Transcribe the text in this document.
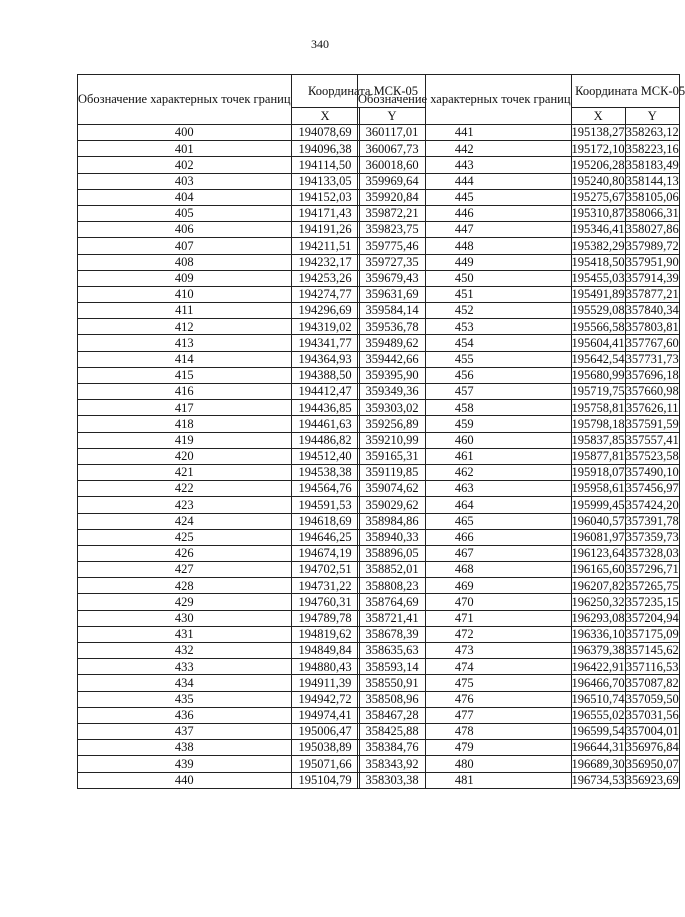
340
Обозначение характерных точек границ	Координата МСК-05	
	X	Y
400	194078,69	360117,01
401	194096,38	360067,73
402	194114,50	360018,60
403	194133,05	359969,64
404	194152,03	359920,84
405	194171,43	359872,21
406	194191,26	359823,75
407	194211,51	359775,46
408	194232,17	359727,35
409	194253,26	359679,43
410	194274,77	359631,69
411	194296,69	359584,14
412	194319,02	359536,78
413	194341,77	359489,62
414	194364,93	359442,66
415	194388,50	359395,90
416	194412,47	359349,36
417	194436,85	359303,02
418	194461,63	359256,89
419	194486,82	359210,99
420	194512,40	359165,31
421	194538,38	359119,85
422	194564,76	359074,62
423	194591,53	359029,62
424	194618,69	358984,86
425	194646,25	358940,33
426	194674,19	358896,05
427	194702,51	358852,01
428	194731,22	358808,23
429	194760,31	358764,69
430	194789,78	358721,41
431	194819,62	358678,39
432	194849,84	358635,63
433	194880,43	358593,14
434	194911,39	358550,91
435	194942,72	358508,96
436	194974,41	358467,28
437	195006,47	358425,88
438	195038,89	358384,76
439	195071,66	358343,92
440	195104,79	358303,38
Обозначение характерных точек границ	Координата МСК-05	
	X	Y
441	195138,27	358263,12
442	195172,10	358223,16
443	195206,28	358183,49
444	195240,80	358144,13
445	195275,67	358105,06
446	195310,87	358066,31
447	195346,41	358027,86
448	195382,29	357989,72
449	195418,50	357951,90
450	195455,03	357914,39
451	195491,89	357877,21
452	195529,08	357840,34
453	195566,58	357803,81
454	195604,41	357767,60
455	195642,54	357731,73
456	195680,99	357696,18
457	195719,75	357660,98
458	195758,81	357626,11
459	195798,18	357591,59
460	195837,85	357557,41
461	195877,81	357523,58
462	195918,07	357490,10
463	195958,61	357456,97
464	195999,45	357424,20
465	196040,57	357391,78
466	196081,97	357359,73
467	196123,64	357328,03
468	196165,60	357296,71
469	196207,82	357265,75
470	196250,32	357235,15
471	196293,08	357204,94
472	196336,10	357175,09
473	196379,38	357145,62
474	196422,91	357116,53
475	196466,70	357087,82
476	196510,74	357059,50
477	196555,02	357031,56
478	196599,54	357004,01
479	196644,31	356976,84
480	196689,30	356950,07
481	196734,53	356923,69
